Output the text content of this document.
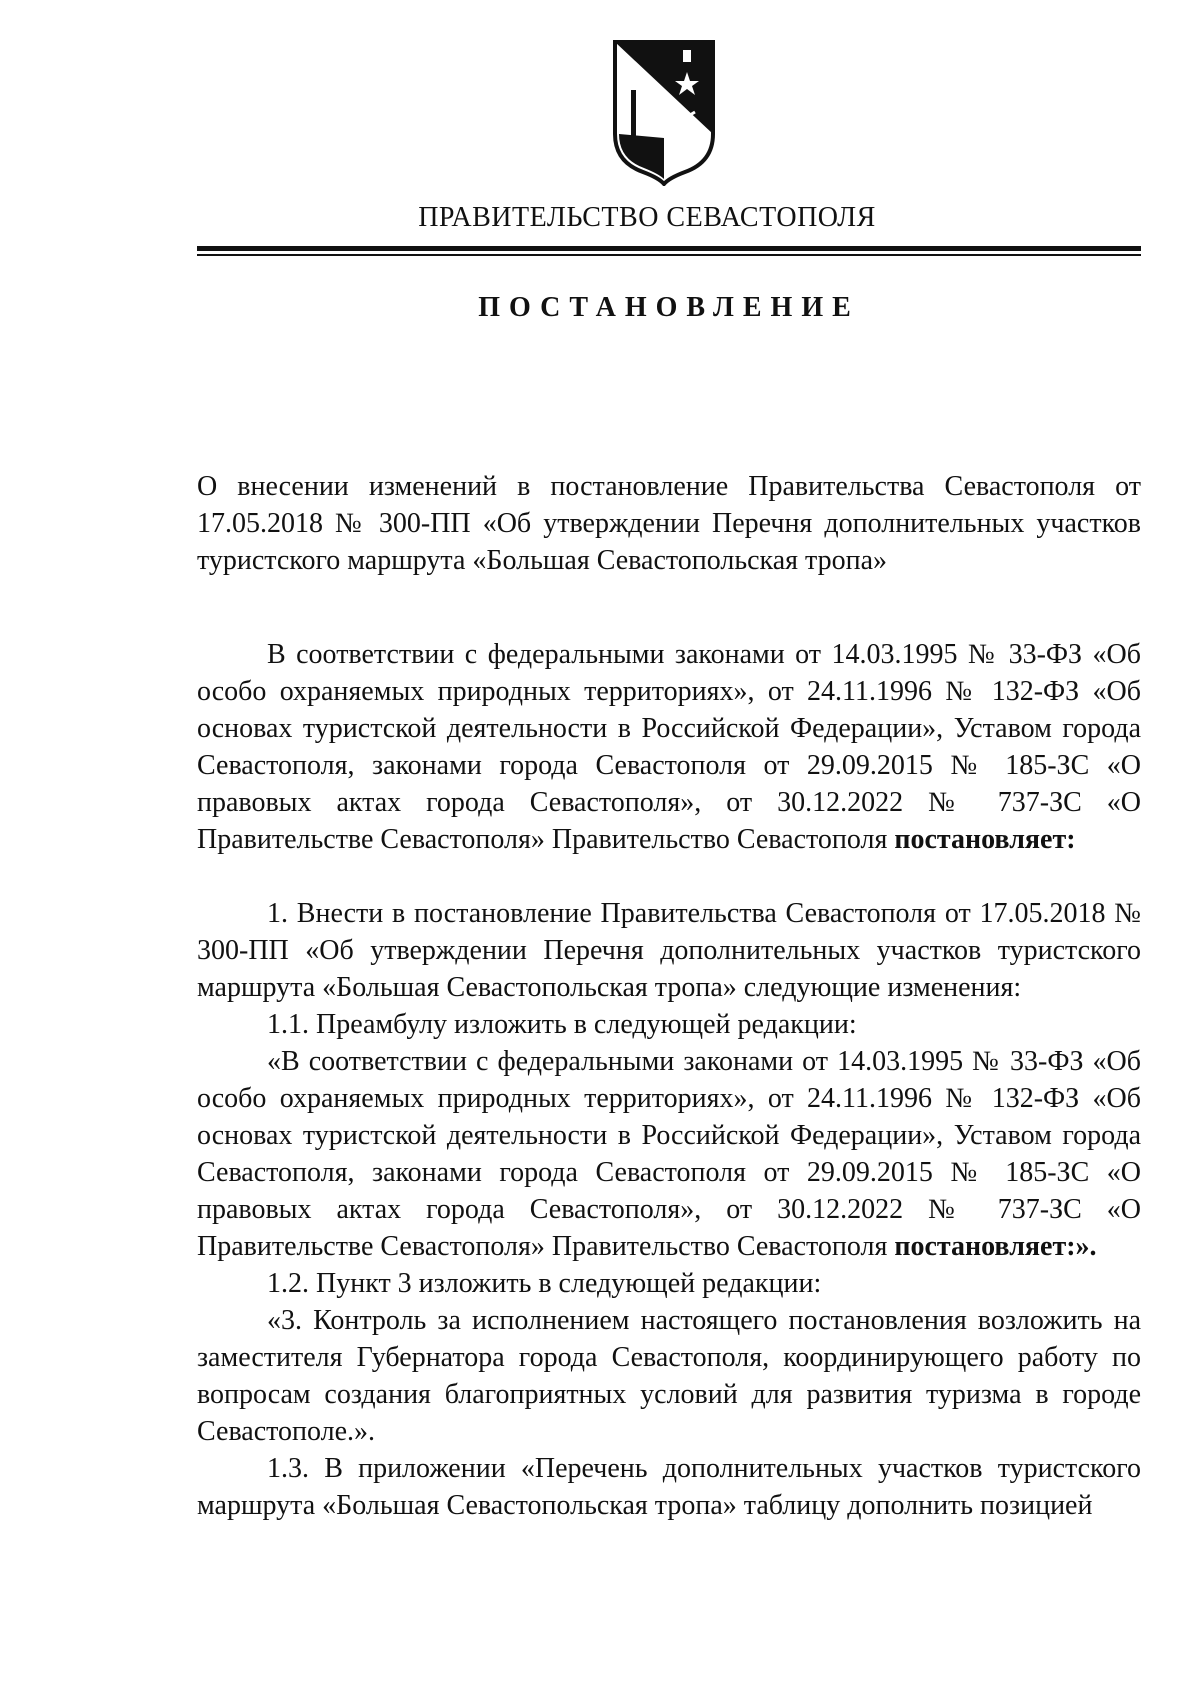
ПРАВИТЕЛЬСТВО СЕВАСТОПОЛЯ
ПОСТАНОВЛЕНИЕ
О внесении изменений в постановление Правительства Севастополя от 17.05.2018 № 300-ПП «Об утверждении Перечня дополнительных участков туристского маршрута «Большая Севастопольская тропа»

В соответствии с федеральными законами от 14.03.1995 № 33-ФЗ «Об особо охраняемых природных территориях», от 24.11.1996 № 132-ФЗ «Об основах туристской деятельности в Российской Федерации», Уставом города Севастополя, законами города Севастополя от 29.09.2015 № 185-ЗС «О правовых актах города Севастополя», от 30.12.2022 № 737-ЗС «О Правительстве Севастополя» Правительство Севастополя постановляет:

1. Внести в постановление Правительства Севастополя от 17.05.2018 № 300-ПП «Об утверждении Перечня дополнительных участков туристского маршрута «Большая Севастопольская тропа» следующие изменения:

1.1. Преамбулу изложить в следующей редакции:

«В соответствии с федеральными законами от 14.03.1995 № 33-ФЗ «Об особо охраняемых природных территориях», от 24.11.1996 № 132-ФЗ «Об основах туристской деятельности в Российской Федерации», Уставом города Севастополя, законами города Севастополя от 29.09.2015 № 185-ЗС «О правовых актах города Севастополя», от 30.12.2022 № 737-ЗС «О Правительстве Севастополя» Правительство Севастополя постановляет:».

1.2. Пункт 3 изложить в следующей редакции:

«3. Контроль за исполнением настоящего постановления возложить на заместителя Губернатора города Севастополя, координирующего работу по вопросам создания благоприятных условий для развития туризма в городе Севастополе.».

1.3. В приложении «Перечень дополнительных участков туристского маршрута «Большая Севастопольская тропа» таблицу дополнить позицией
